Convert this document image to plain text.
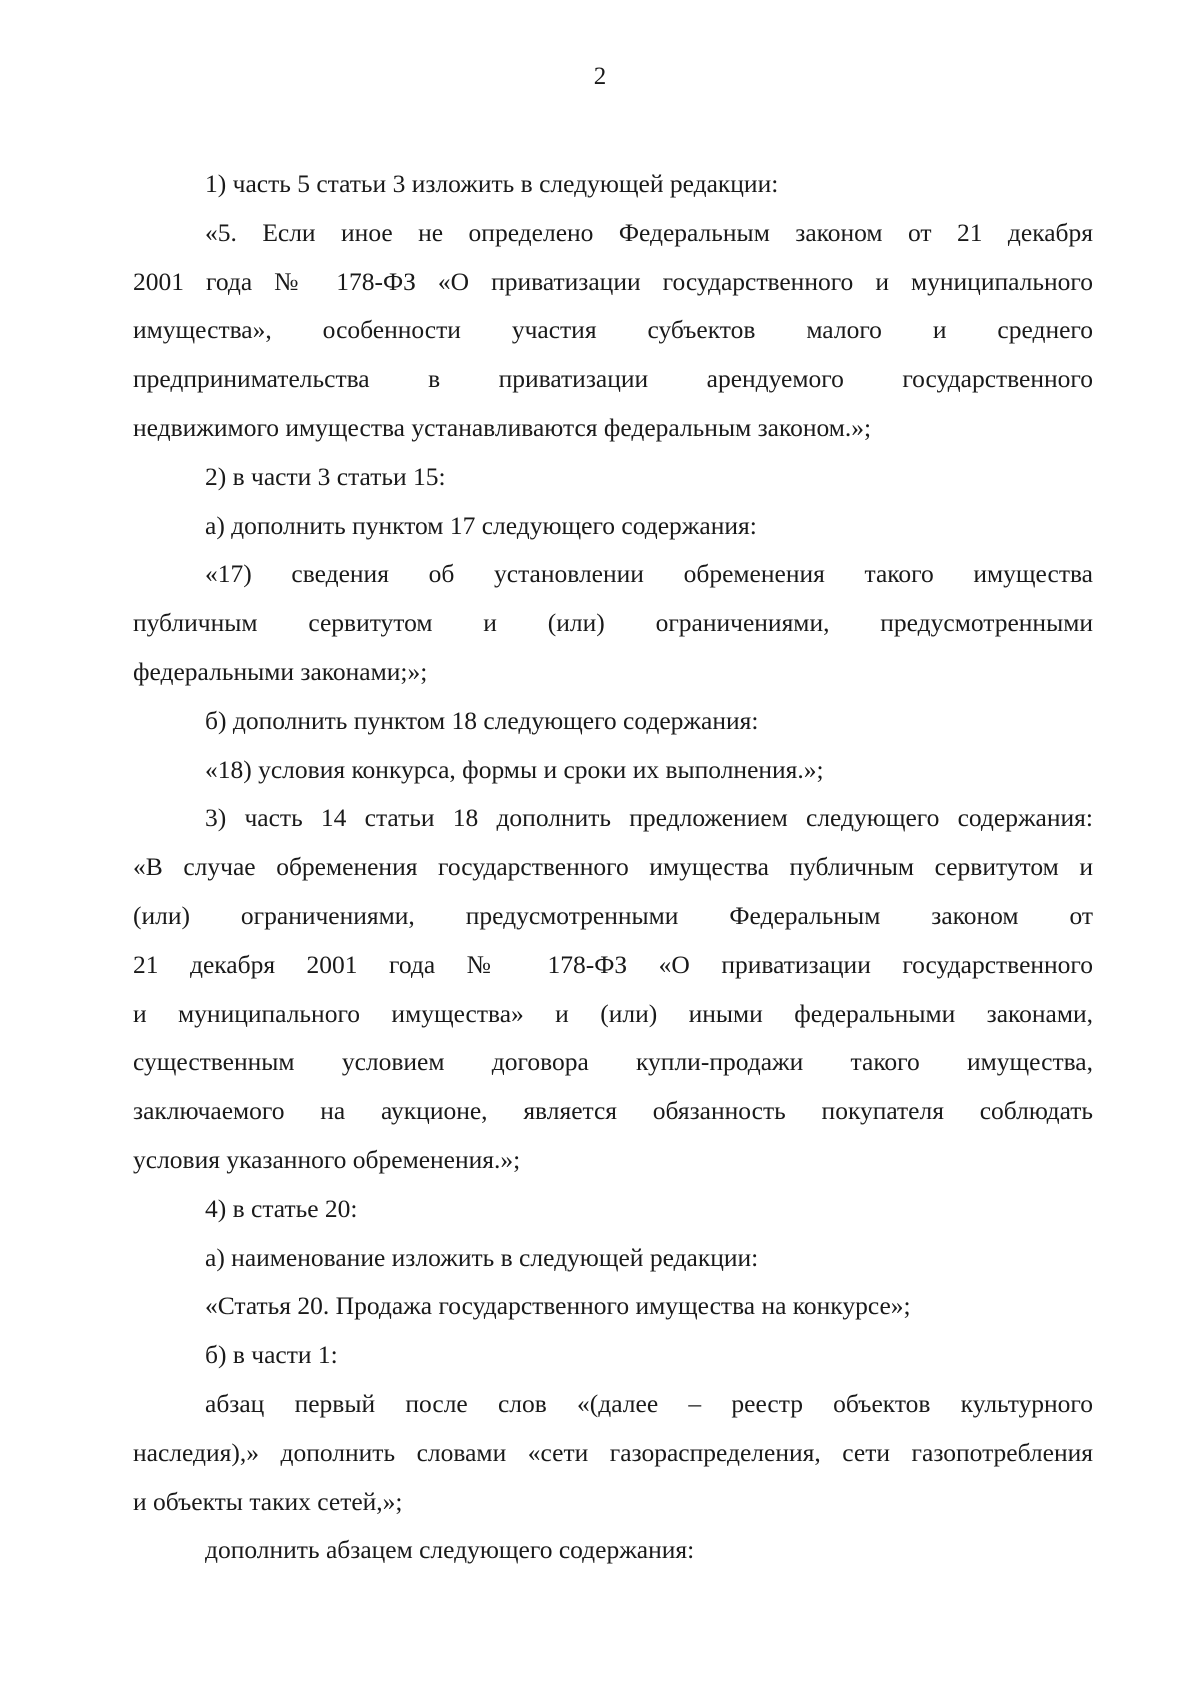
2
1) часть 5 статьи 3 изложить в следующей редакции:
«5. Если иное не определено Федеральным законом от 21 декабря
2001 года № 178-ФЗ «О приватизации государственного и муниципального
имущества», особенности участия субъектов малого и среднего
предпринимательства в приватизации арендуемого государственного
недвижимого имущества устанавливаются федеральным законом.»;
2) в части 3 статьи 15:
а) дополнить пунктом 17 следующего содержания:
«17) сведения об установлении обременения такого имущества
публичным сервитутом и (или) ограничениями, предусмотренными
федеральными законами;»;
б) дополнить пунктом 18 следующего содержания:
«18) условия конкурса, формы и сроки их выполнения.»;
3) часть 14 статьи 18 дополнить предложением следующего содержания:
«В случае обременения государственного имущества публичным сервитутом и
(или) ограничениями, предусмотренными Федеральным законом от
21 декабря 2001 года № 178-ФЗ «О приватизации государственного
и муниципального имущества» и (или) иными федеральными законами,
существенным условием договора купли-продажи такого имущества,
заключаемого на аукционе, является обязанность покупателя соблюдать
условия указанного обременения.»;
4) в статье 20:
а) наименование изложить в следующей редакции:
«Статья 20. Продажа государственного имущества на конкурсе»;
б) в части 1:
абзац первый после слов «(далее – реестр объектов культурного
наследия),» дополнить словами «сети газораспределения, сети газопотребления
и объекты таких сетей,»;
дополнить абзацем следующего содержания:
